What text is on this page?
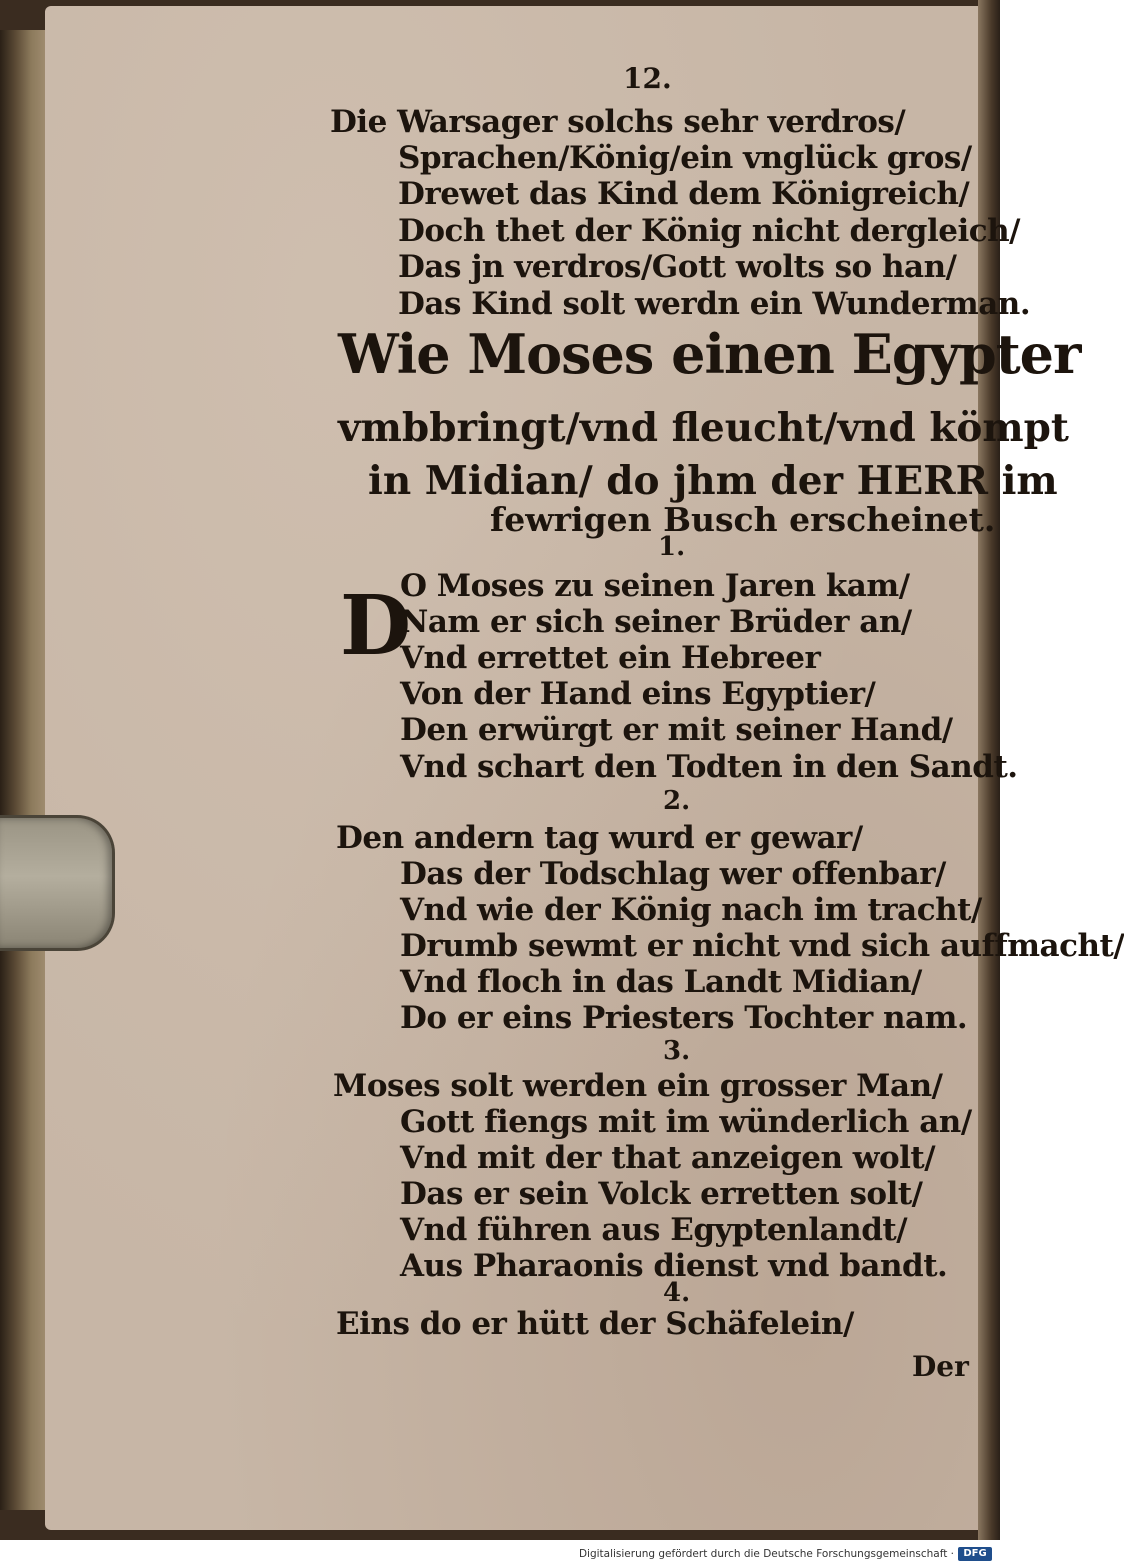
12.
Die Warsager solchs sehr verdros/
Sprachen/König/ein vnglück gros/
Drewet das Kind dem Königreich/
Doch thet der König nicht dergleich/
Das jn verdros/Gott wolts so han/
Das Kind solt werdn ein Wunderman.
Wie Moses einen Egypter
vmbbringt/vnd fleucht/vnd kömpt
in Midian/ do jhm der HERR im
fewrigen Busch erscheinet.
1.
D
O Moses zu seinen Jaren kam/
Nam er sich seiner Brüder an/
Vnd errettet ein Hebreer
Von der Hand eins Egyptier/
Den erwürgt er mit seiner Hand/
Vnd schart den Todten in den Sandt.
2.
Den andern tag wurd er gewar/
Das der Todschlag wer offenbar/
Vnd wie der König nach im tracht/
Drumb sewmt er nicht vnd sich auffmacht/
Vnd floch in das Landt Midian/
Do er eins Priesters Tochter nam.
3.
Moses solt werden ein grosser Man/
Gott fiengs mit im wünderlich an/
Vnd mit der that anzeigen wolt/
Das er sein Volck erretten solt/
Vnd führen aus Egyptenlandt/
Aus Pharaonis dienst vnd bandt.
4.
Eins do er hütt der Schäfelein/
Der
Digitalisierung gefördert durch die Deutsche Forschungsgemeinschaft · DFG
